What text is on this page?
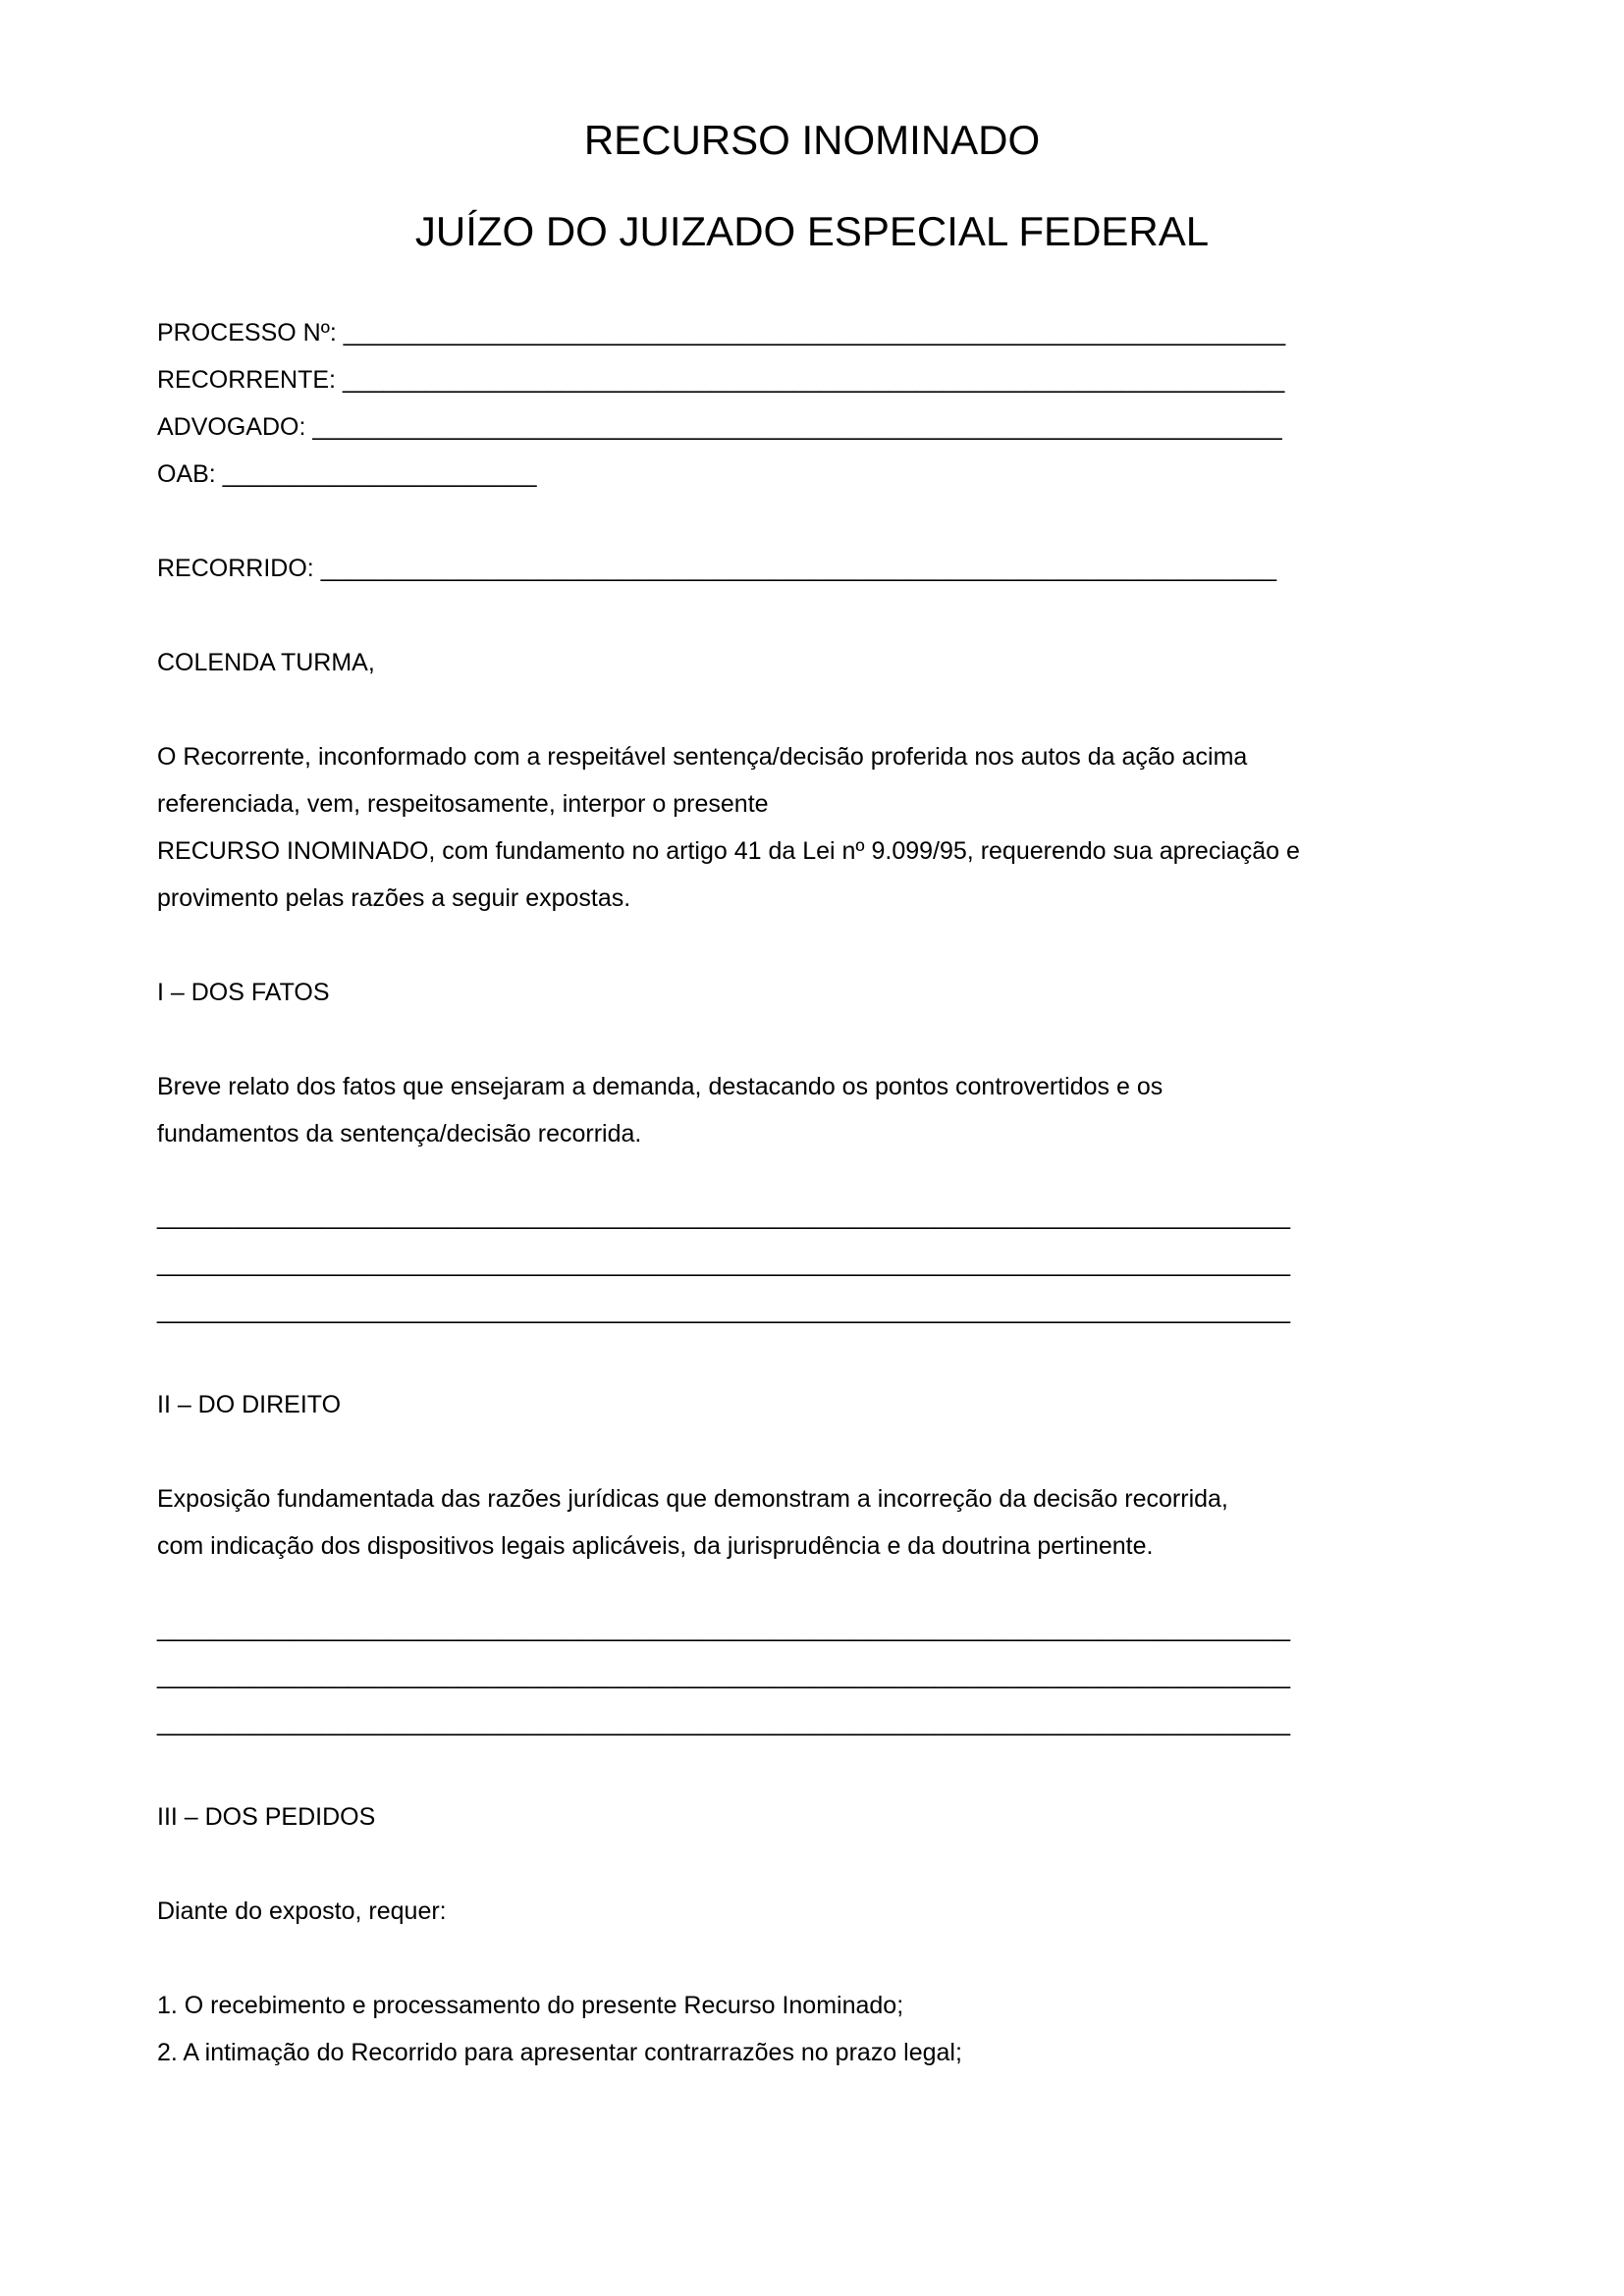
RECURSO INOMINADO
JUÍZO DO JUIZADO ESPECIAL FEDERAL
PROCESSO Nº: _____________________________________________________________________
RECORRENTE: _____________________________________________________________________
ADVOGADO: _______________________________________________________________________
OAB: _______________________
RECORRIDO: ______________________________________________________________________
COLENDA TURMA,
O Recorrente, inconformado com a respeitável sentença/decisão proferida nos autos da ação acima
referenciada, vem, respeitosamente, interpor o presente
RECURSO INOMINADO, com fundamento no artigo 41 da Lei nº 9.099/95, requerendo sua apreciação e
provimento pelas razões a seguir expostas.
I – DOS FATOS
Breve relato dos fatos que ensejaram a demanda, destacando os pontos controvertidos e os
fundamentos da sentença/decisão recorrida.
___________________________________________________________________________________
___________________________________________________________________________________
___________________________________________________________________________________
II – DO DIREITO
Exposição fundamentada das razões jurídicas que demonstram a incorreção da decisão recorrida,
com indicação dos dispositivos legais aplicáveis, da jurisprudência e da doutrina pertinente.
___________________________________________________________________________________
___________________________________________________________________________________
___________________________________________________________________________________
III – DOS PEDIDOS
Diante do exposto, requer:
1. O recebimento e processamento do presente Recurso Inominado;
2. A intimação do Recorrido para apresentar contrarrazões no prazo legal;
